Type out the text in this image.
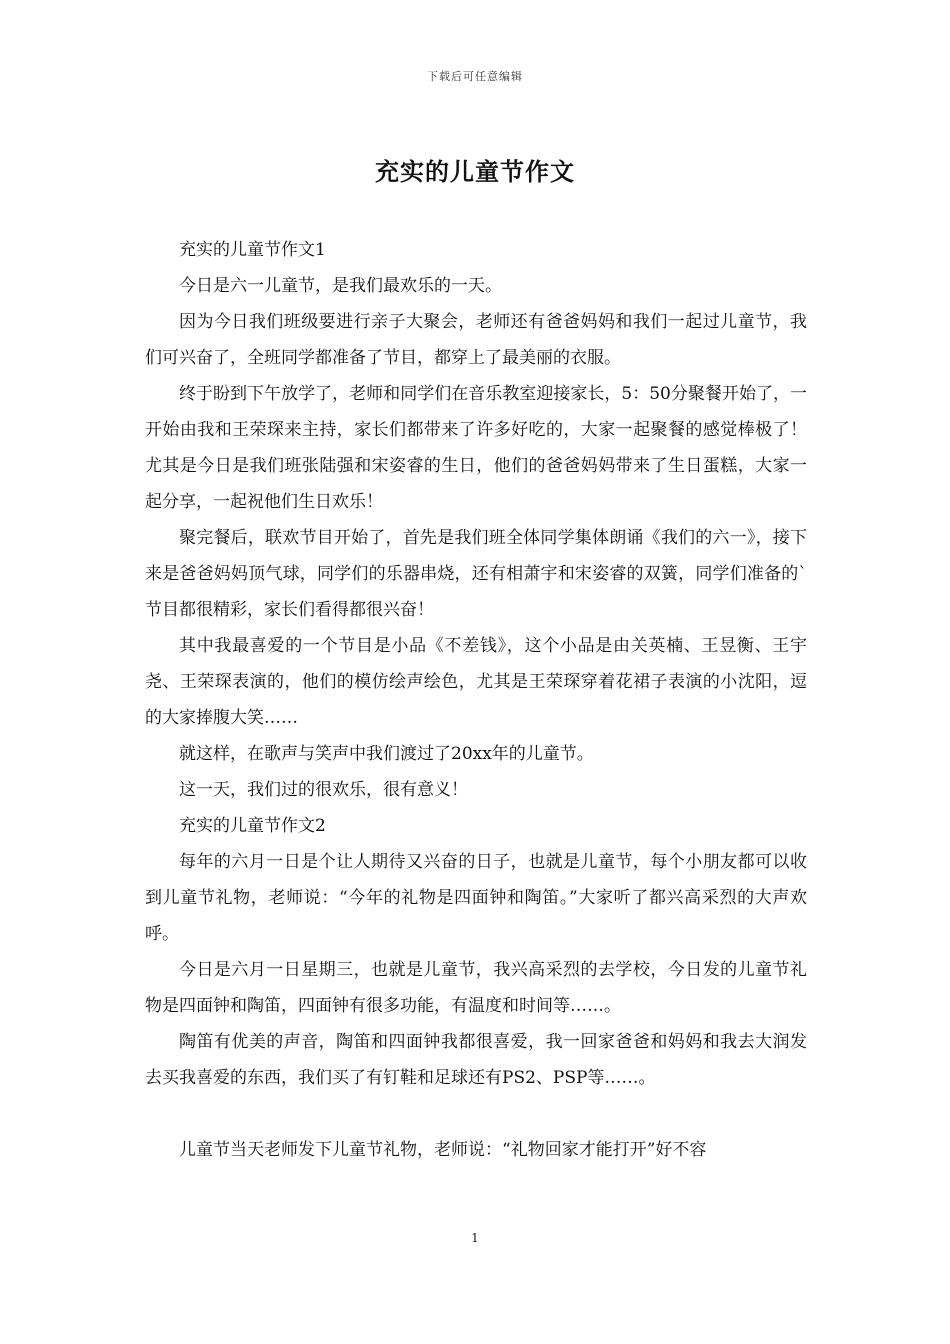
下载后可任意编辑
充实的儿童节作文

充实的儿童节作文1

今日是六一儿童节，是我们最欢乐的一天。

因为今日我们班级要进行亲子大聚会，老师还有爸爸妈妈和我们一起过儿童节，我们可兴奋了，全班同学都准备了节目，都穿上了最美丽的衣服。

终于盼到下午放学了，老师和同学们在音乐教室迎接家长，5：50分聚餐开始了，一开始由我和王荣琛来主持，家长们都带来了许多好吃的，大家一起聚餐的感觉棒极了！尤其是今日是我们班张陆强和宋姿睿的生日，他们的爸爸妈妈带来了生日蛋糕，大家一起分享，一起祝他们生日欢乐！

聚完餐后，联欢节目开始了，首先是我们班全体同学集体朗诵《我们的六一》，接下来是爸爸妈妈顶气球，同学们的乐器串烧，还有相萧宇和宋姿睿的双簧，同学们准备的`节目都很精彩，家长们看得都很兴奋！

其中我最喜爱的一个节目是小品《不差钱》，这个小品是由关英楠、王昱衡、王宇尧、王荣琛表演的，他们的模仿绘声绘色，尤其是王荣琛穿着花裙子表演的小沈阳，逗的大家捧腹大笑……

就这样，在歌声与笑声中我们渡过了20xx年的儿童节。

这一天，我们过的很欢乐，很有意义！

充实的儿童节作文2

每年的六月一日是个让人期待又兴奋的日子，也就是儿童节，每个小朋友都可以收到儿童节礼物，老师说：“今年的礼物是四面钟和陶笛。”大家听了都兴高采烈的大声欢呼。

今日是六月一日星期三，也就是儿童节，我兴高采烈的去学校，今日发的儿童节礼物是四面钟和陶笛，四面钟有很多功能，有温度和时间等‥‥‥。

陶笛有优美的声音，陶笛和四面钟我都很喜爱，我一回家爸爸和妈妈和我去大润发去买我喜爱的东西，我们买了有钉鞋和足球还有PS2、PSP等‥‥‥。

儿童节当天老师发下儿童节礼物，老师说：“礼物回家才能打开”好不容

1
